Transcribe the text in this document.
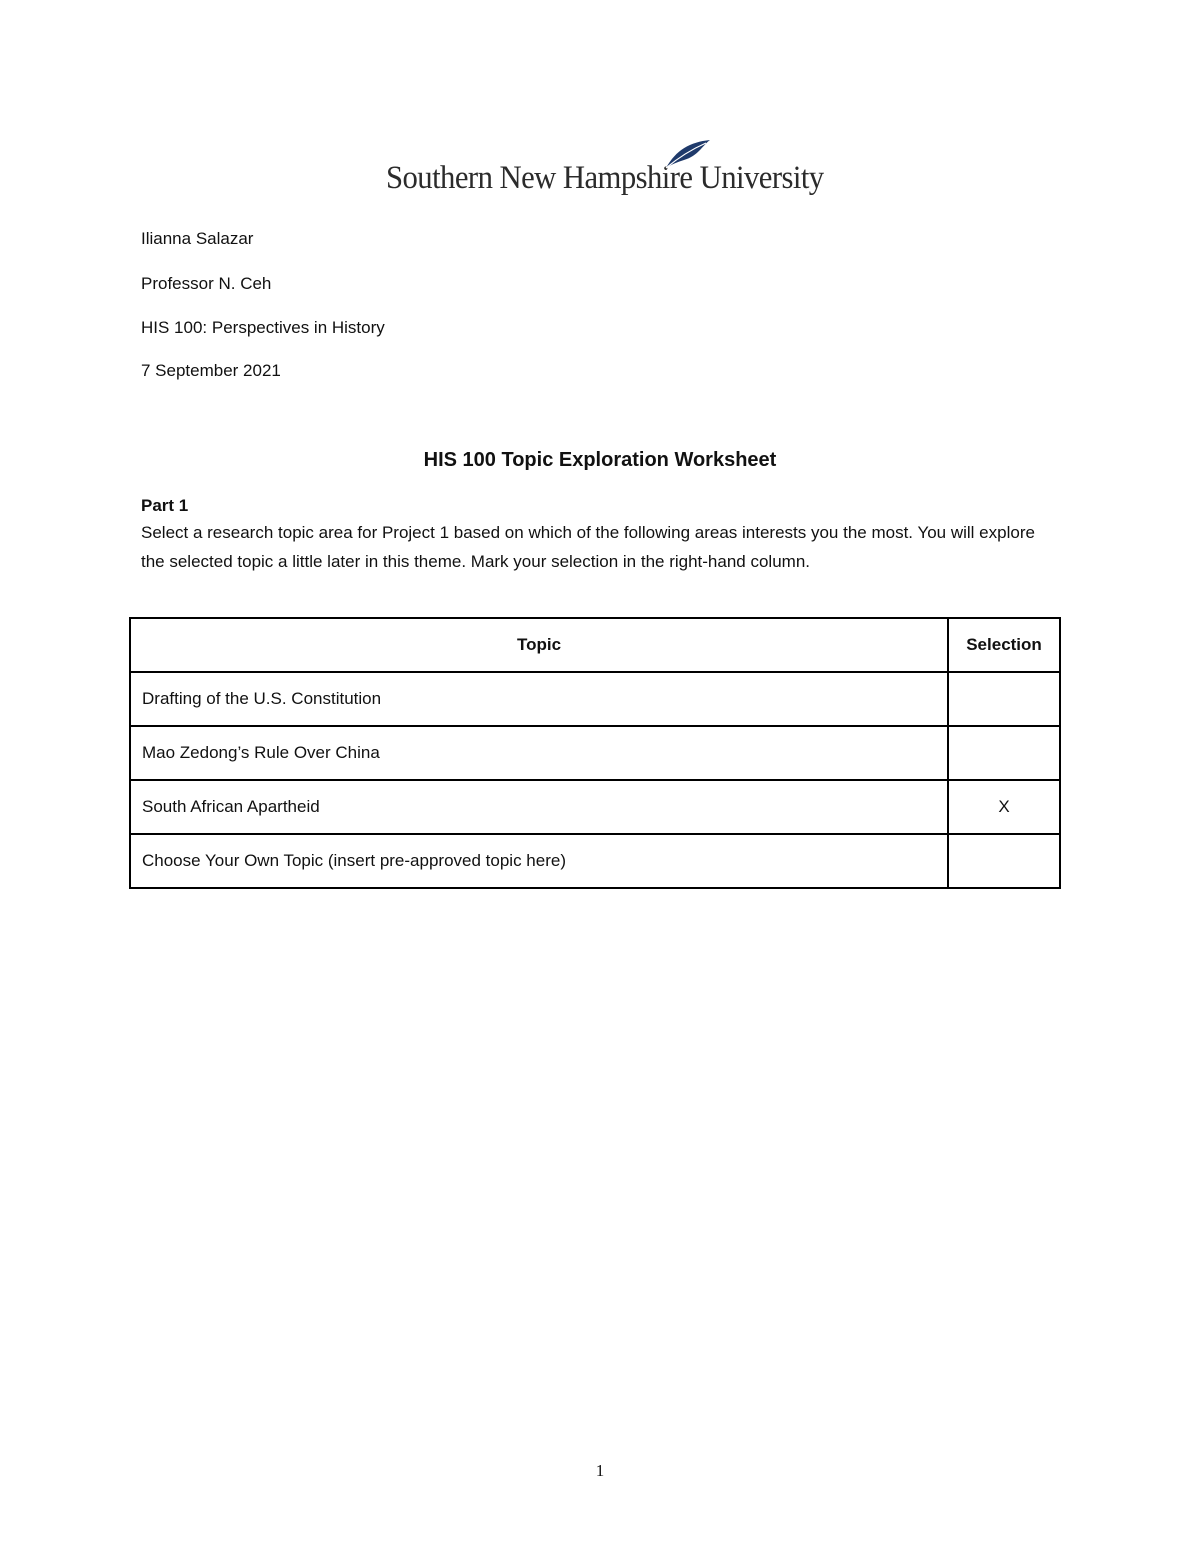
Southern New Hampshire University
Ilianna Salazar
Professor N. Ceh
HIS 100: Perspectives in History
7 September 2021
HIS 100 Topic Exploration Worksheet
Part 1
Select a research topic area for Project 1 based on which of the following areas interests you the most. You will explore the selected topic a little later in this theme. Mark your selection in the right-hand column.
Topic	Selection
Drafting of the U.S. Constitution	
Mao Zedong’s Rule Over China	
South African Apartheid	X
Choose Your Own Topic (insert pre-approved topic here)	
1
